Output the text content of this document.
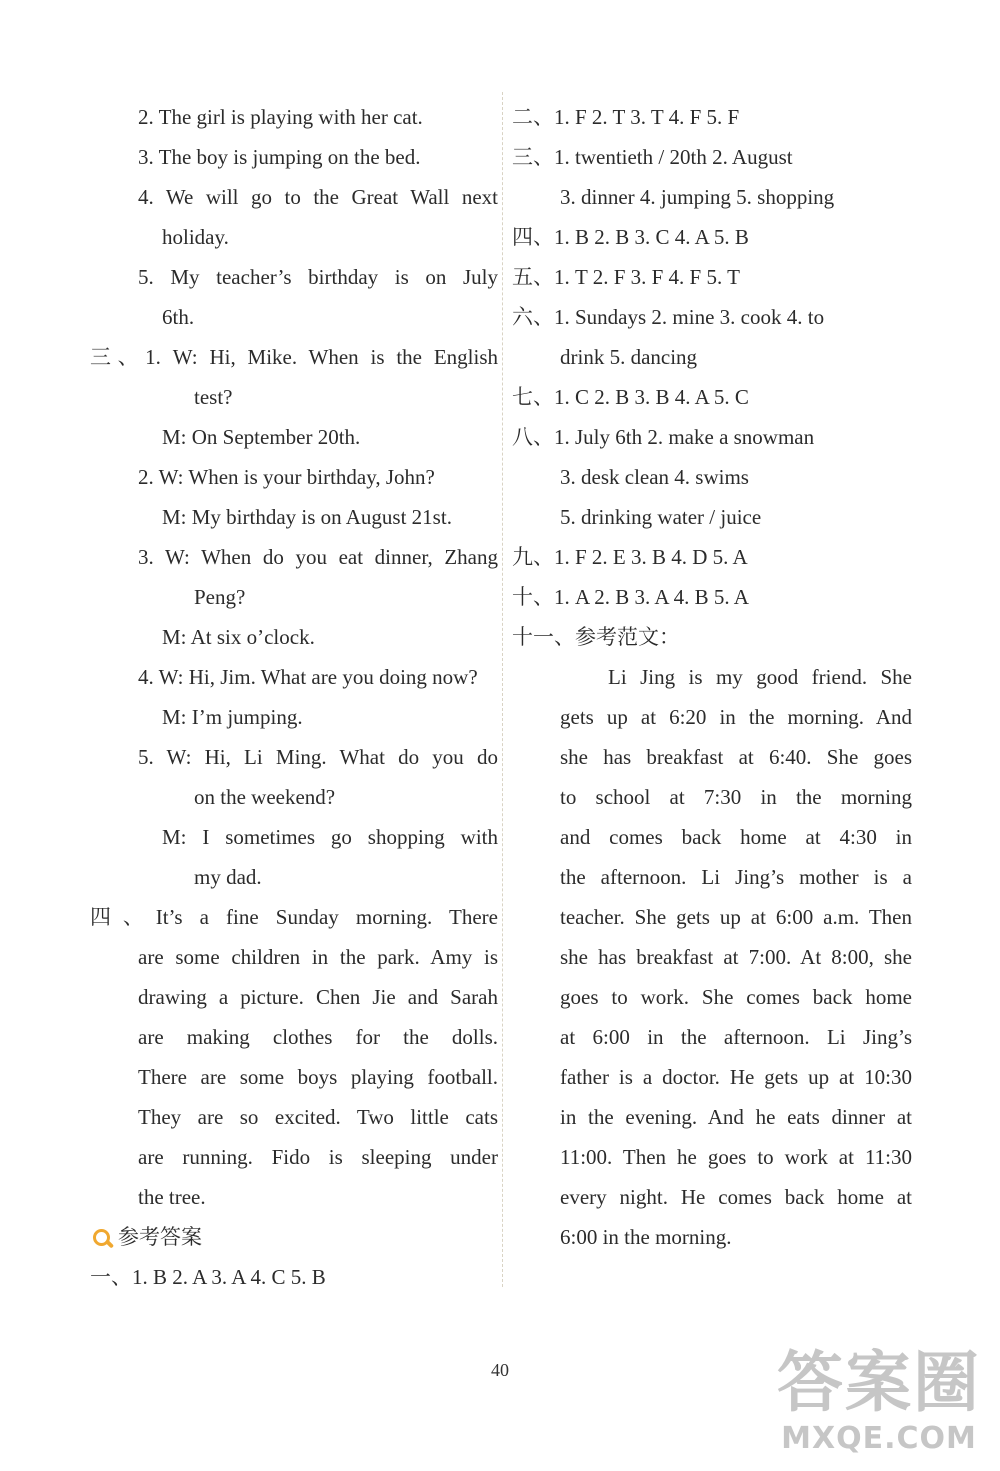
2. The girl is playing with her cat.
3. The boy is jumping on the bed.
4. We will go to the Great Wall next
holiday.
5. My teacher’s birthday is on July
6th.
三、1. W: Hi, Mike. When is the English
test?
M: On September 20th.
2. W: When is your birthday, John?
M: My birthday is on August 21st.
3. W: When do you eat dinner, Zhang
Peng?
M: At six o’clock.
4. W: Hi, Jim. What are you doing now?
M: I’m jumping.
5. W: Hi, Li Ming. What do you do
on the weekend?
M: I sometimes go shopping with
my dad.
四、It’s a fine Sunday morning. There
are some children in the park. Amy is
drawing a picture. Chen Jie and Sarah
are making clothes for the dolls.
There are some boys playing football.
They are so excited. Two little cats
are running. Fido is sleeping under
the tree.
二、1. F 2. T 3. T 4. F 5. F
三、1. twentieth / 20th 2. August
3. dinner 4. jumping 5. shopping
四、1. B 2. B 3. C 4. A 5. B
五、1. T 2. F 3. F 4. F 5. T
六、1. Sundays 2. mine 3. cook 4. to
drink 5. dancing
七、1. C 2. B 3. B 4. A 5. C
八、1. July 6th 2. make a snowman
3. desk clean 4. swims
5. drinking water / juice
九、1. F 2. E 3. B 4. D 5. A
十、1. A 2. B 3. A 4. B 5. A
十一、参考范文：
Li Jing is my good friend. She
gets up at 6:20 in the morning. And
she has breakfast at 6:40. She goes
to school at 7:30 in the morning
and comes back home at 4:30 in
the afternoon. Li Jing’s mother is a
teacher. She gets up at 6:00 a.m. Then
she has breakfast at 7:00. At 8:00, she
goes to work. She comes back home
at 6:00 in the afternoon. Li Jing’s
father is a doctor. He gets up at 10:30
in the evening. And he eats dinner at
11:00. Then he goes to work at 11:30
every night. He comes back home at
6:00 in the morning.
参考答案
一、1. B 2. A 3. A 4. C 5. B
40	答案圈
MXQE.COM
